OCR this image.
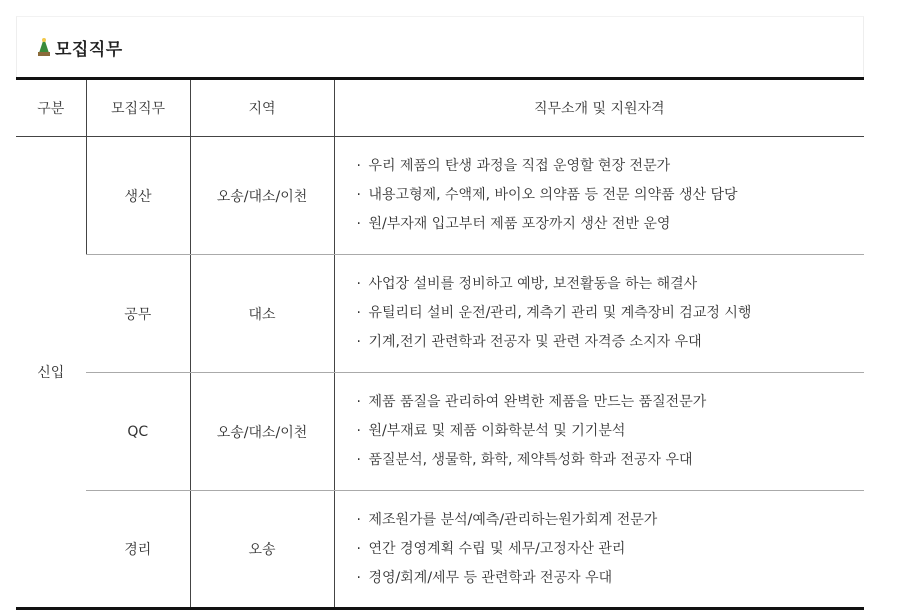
모집직무
구분	모집직무	지역	직무소개 및 지원자격
신입	생산	오송/대소/이천	· 우리 제품의 탄생 과정을 직접 운영할 현장 전문가
· 내용고형제, 수액제, 바이오 의약품 등 전문 의약품 생산 담당
· 원/부자재 입고부터 제품 포장까지 생산 전반 운영

	공무	대소	· 사업장 설비를 정비하고 예방, 보전활동을 하는 해결사
· 유틸리티 설비 운전/관리, 계측기 관리 및 계측장비 검교정 시행
· 기계,전기 관련학과 전공자 및 관련 자격증 소지자 우대

	QC	오송/대소/이천	· 제품 품질을 관리하여 완벽한 제품을 만드는 품질전문가
· 원/부재료 및 제품 이화학분석 및 기기분석
· 품질분석, 생물학, 화학, 제약특성화 학과 전공자 우대

	경리	오송	· 제조원가를 분석/예측/관리하는원가회계 전문가
· 연간 경영계획 수립 및 세무/고정자산 관리
· 경영/회계/세무 등 관련학과 전공자 우대
